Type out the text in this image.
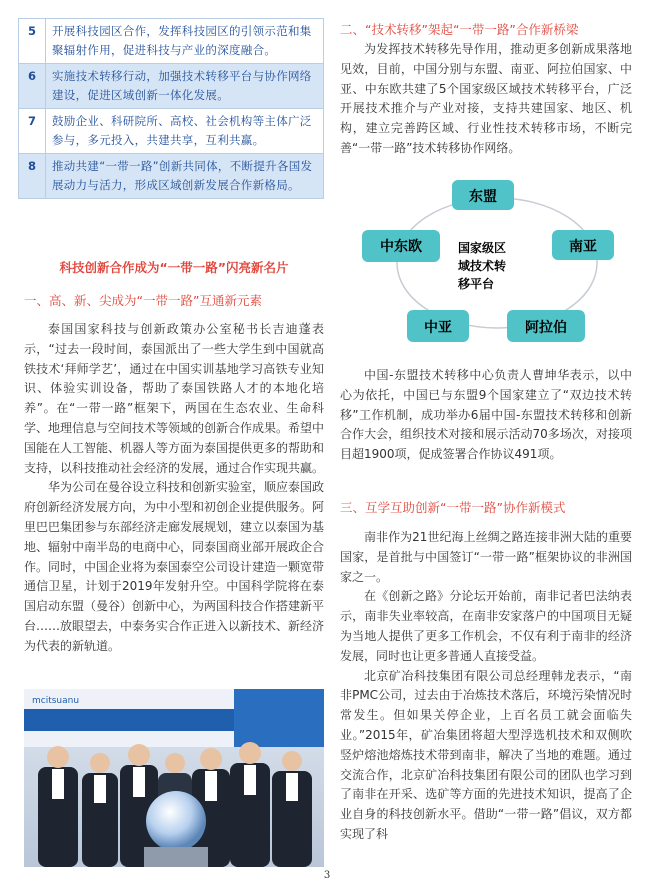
5	开展科技园区合作，发挥科技园区的引领示范和集聚辐射作用，促进科技与产业的深度融合。
6	实施技术转移行动，加强技术转移平台与协作网络建设，促进区域创新一体化发展。
7	鼓励企业、科研院所、高校、社会机构等主体广泛参与，多元投入，共建共享，互利共赢。
8	推动共建“一带一路”创新共同体，不断提升各国发展动力与活力，形成区域创新发展合作新格局。
科技创新合作成为“一带一路”闪亮新名片
一、高、新、尖成为“一带一路”互通新元素

泰国国家科技与创新政策办公室秘书长吉迪蓬表示，“过去一段时间，泰国派出了一些大学生到中国就高铁技术‘拜师学艺’，通过在中国实训基地学习高铁专业知识、体验实训设备，帮助了泰国铁路人才的本地化培养”。在“一带一路”框架下，两国在生态农业、生命科学、地理信息与空间技术等领域的创新合作成果。希望中国能在人工智能、机器人等方面为泰国提供更多的帮助和支持，以科技推动社会经济的发展，通过合作实现共赢。

华为公司在曼谷设立科技和创新实验室，顺应泰国政府创新经济发展方向，为中小型和初创企业提供服务。阿里巴巴集团参与东部经济走廊发展规划，建立以泰国为基地、辐射中南半岛的电商中心，同泰国商业部开展政企合作。同时，中国企业将为泰国泰空公司设计建造一颗宽带通信卫星，计划于2019年发射升空。中国科学院将在泰国启动东盟（曼谷）创新中心，为两国科技合作搭建新平台……放眼望去，中泰务实合作正进入以新技术、新经济为代表的新轨道。

mcitsuanu
二、“技术转移”架起“一带一路”合作新桥梁

为发挥技术转移先导作用，推动更多创新成果落地见效，目前，中国分别与东盟、南亚、阿拉伯国家、中亚、中东欧共建了5个国家级区域技术转移平台，广泛开展技术推介与产业对接，支持共建国家、地区、机构，建立完善跨区域、行业性技术转移市场，不断完善“一带一路”技术转移协作网络。

东盟
南亚
阿拉伯
中亚
中东欧	国家级区
域技术转
移平台

中国-东盟技术转移中心负责人曹坤华表示，以中心为依托，中国已与东盟9个国家建立了“双边技术转移”工作机制，成功举办6届中国-东盟技术转移和创新合作大会，组织技术对接和展示活动70多场次，对接项目超1900项，促成签署合作协议491项。

三、互学互助创新“一带一路”协作新模式

南非作为21世纪海上丝绸之路连接非洲大陆的重要国家，是首批与中国签订“一带一路”框架协议的非洲国家之一。

在《创新之路》分论坛开始前，南非记者巴法纳表示，南非失业率较高，在南非安家落户的中国项目无疑为当地人提供了更多工作机会，不仅有利于南非的经济发展，同时也让更多普通人直接受益。

北京矿冶科技集团有限公司总经理韩龙表示，“南非PMC公司，过去由于冶炼技术落后，环境污染情况时常发生。但如果关停企业，上百名员工就会面临失业。”2015年，矿冶集团将超大型浮选机技术和双侧吹竖炉熔池熔炼技术带到南非，解决了当地的难题。通过交流合作，北京矿冶科技集团有限公司的团队也学习到了南非在开采、选矿等方面的先进技术知识，提高了企业自身的科技创新水平。借助“一带一路”倡议，双方都实现了科

3
